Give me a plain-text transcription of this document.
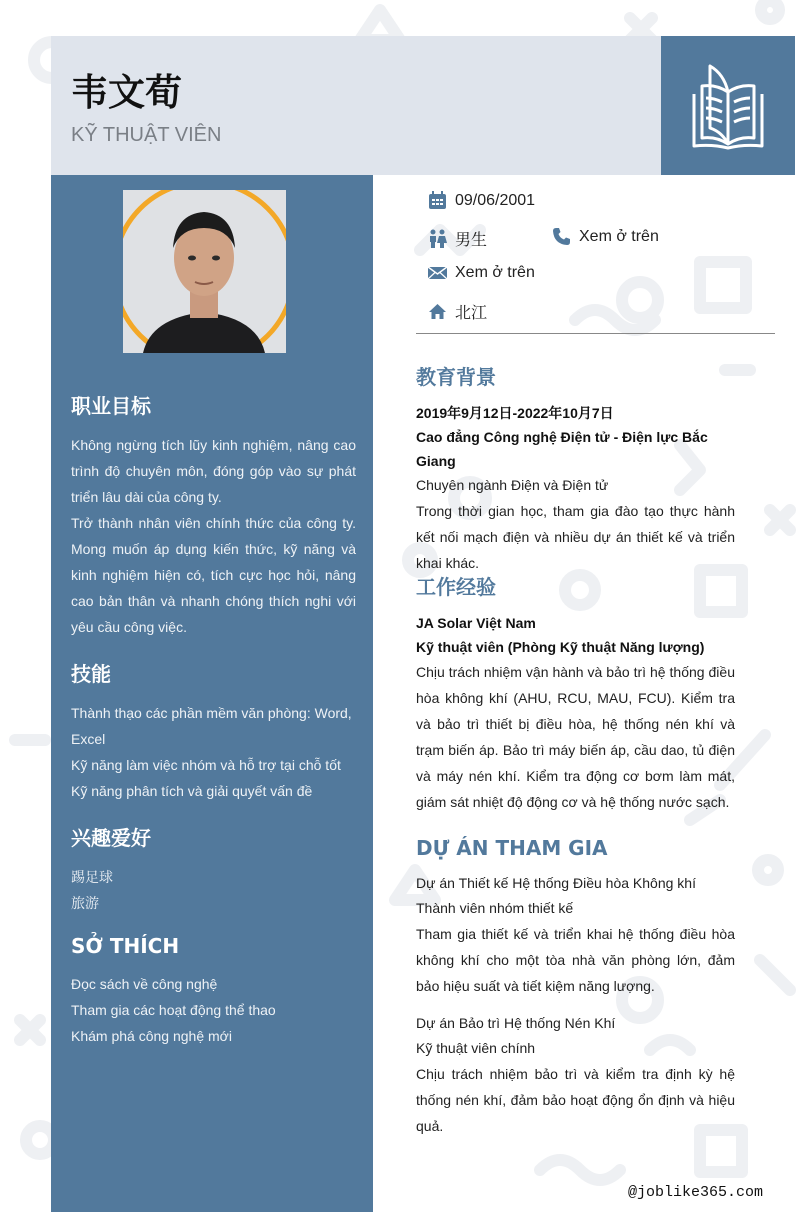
韦文荀
KỸ THUẬT VIÊN
职业目标

Không ngừng tích lũy kinh nghiệm, nâng cao trình độ chuyên môn, đóng góp vào sự phát triển lâu dài của công ty.

Trở thành nhân viên chính thức của công ty. Mong muốn áp dụng kiến thức, kỹ năng và kinh nghiệm hiện có, tích cực học hỏi, nâng cao bản thân và nhanh chóng thích nghi với yêu cầu công việc.

技能

Thành thạo các phần mềm văn phòng: Word, Excel

Kỹ năng làm việc nhóm và hỗ trợ tại chỗ tốt

Kỹ năng phân tích và giải quyết vấn đề

兴趣爱好

踢足球

旅游

SỞ THÍCH

Đọc sách về công nghệ

Tham gia các hoạt động thể thao

Khám phá công nghệ mới

09/06/2001
男生	Xem ở trên
Xem ở trên
北江
教育背景
2019年9月12日-2022年10月7日
Cao đẳng Công nghệ Điện tử - Điện lực Bắc Giang
Chuyên ngành Điện và Điện tử
Trong thời gian học, tham gia đào tạo thực hành kết nối mạch điện và nhiều dự án thiết kế và triển khai khác.
工作经验
JA Solar Việt Nam
Kỹ thuật viên (Phòng Kỹ thuật Năng lượng)
Chịu trách nhiệm vận hành và bảo trì hệ thống điều hòa không khí (AHU, RCU, MAU, FCU). Kiểm tra và bảo trì thiết bị điều hòa, hệ thống nén khí và trạm biến áp. Bảo trì máy biến áp, cầu dao, tủ điện và máy nén khí. Kiểm tra động cơ bơm làm mát, giám sát nhiệt độ động cơ và hệ thống nước sạch.
DỰ ÁN THAM GIA
Dự án Thiết kế Hệ thống Điều hòa Không khí
Thành viên nhóm thiết kế
Tham gia thiết kế và triển khai hệ thống điều hòa không khí cho một tòa nhà văn phòng lớn, đảm bảo hiệu suất và tiết kiệm năng lượng.
Dự án Bảo trì Hệ thống Nén Khí
Kỹ thuật viên chính
Chịu trách nhiệm bảo trì và kiểm tra định kỳ hệ thống nén khí, đảm bảo hoạt động ổn định và hiệu quả.
@joblike365.com
